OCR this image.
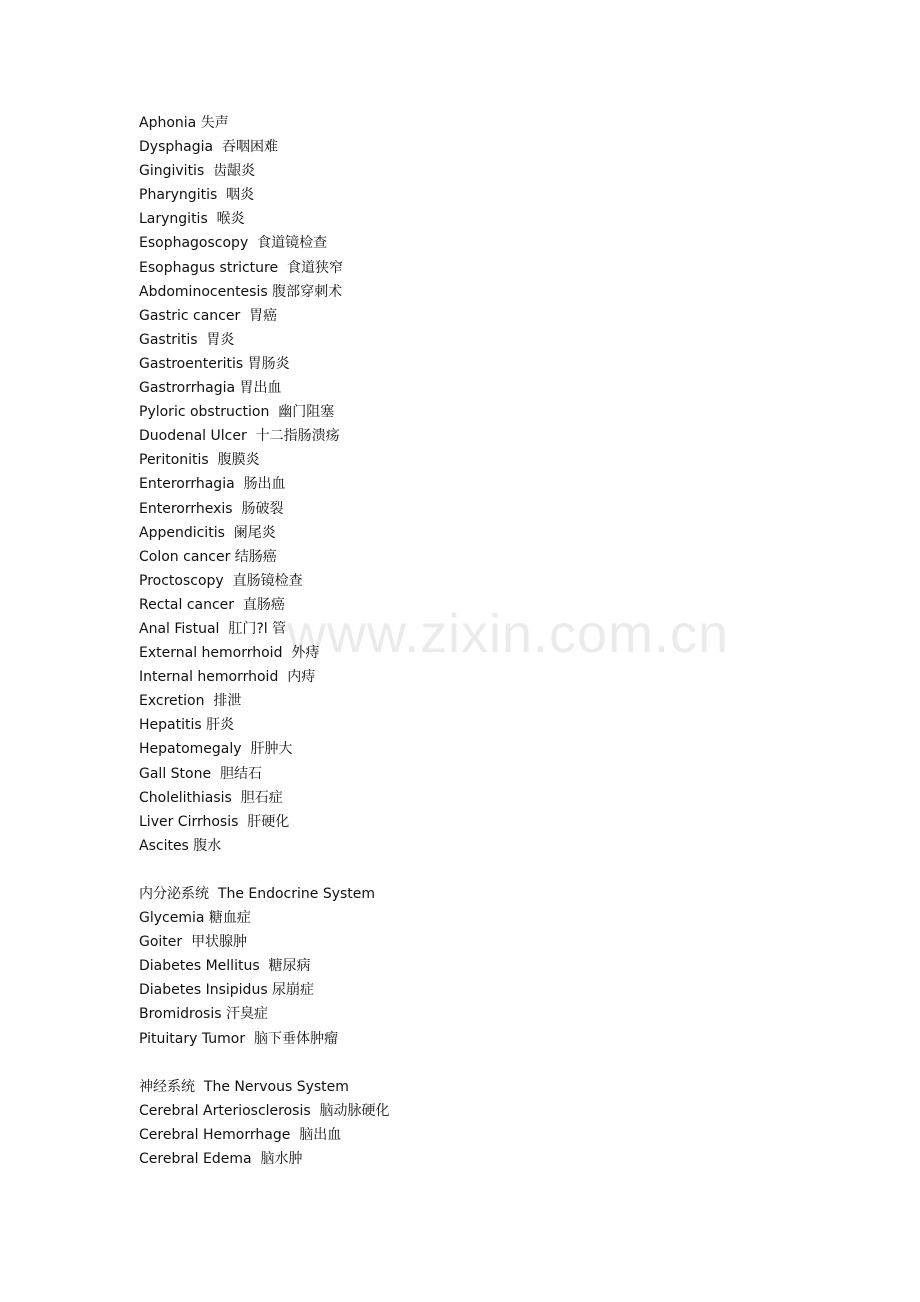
Aphonia 失声
Dysphagia  吞咽困难
Gingivitis  齿龈炎
Pharyngitis  咽炎
Laryngitis  喉炎
Esophagoscopy  食道镜检查
Esophagus stricture  食道狭窄
Abdominocentesis 腹部穿刺术
Gastric cancer  胃癌
Gastritis  胃炎
Gastroenteritis 胃肠炎
Gastrorrhagia 胃出血
Pyloric obstruction  幽门阻塞
Duodenal Ulcer  十二指肠溃疡
Peritonitis  腹膜炎
Enterorrhagia  肠出血
Enterorrhexis  肠破裂
Appendicitis  阑尾炎
Colon cancer 结肠癌
Proctoscopy  直肠镜检查
Rectal cancer  直肠癌
Anal Fistual  肛门?l 管
External hemorrhoid  外痔
Internal hemorrhoid  内痔
Excretion  排泄
Hepatitis 肝炎
Hepatomegaly  肝肿大
Gall Stone  胆结石
Cholelithiasis  胆石症
Liver Cirrhosis  肝硬化
Ascites 腹水
内分泌系统  The Endocrine System
Glycemia 糖血症
Goiter  甲状腺肿
Diabetes Mellitus  糖尿病
Diabetes Insipidus 尿崩症
Bromidrosis 汗臭症
Pituitary Tumor  脑下垂体肿瘤
神经系统  The Nervous System
Cerebral Arteriosclerosis  脑动脉硬化
Cerebral Hemorrhage  脑出血
Cerebral Edema  脑水肿
www.zixin.com.cn
